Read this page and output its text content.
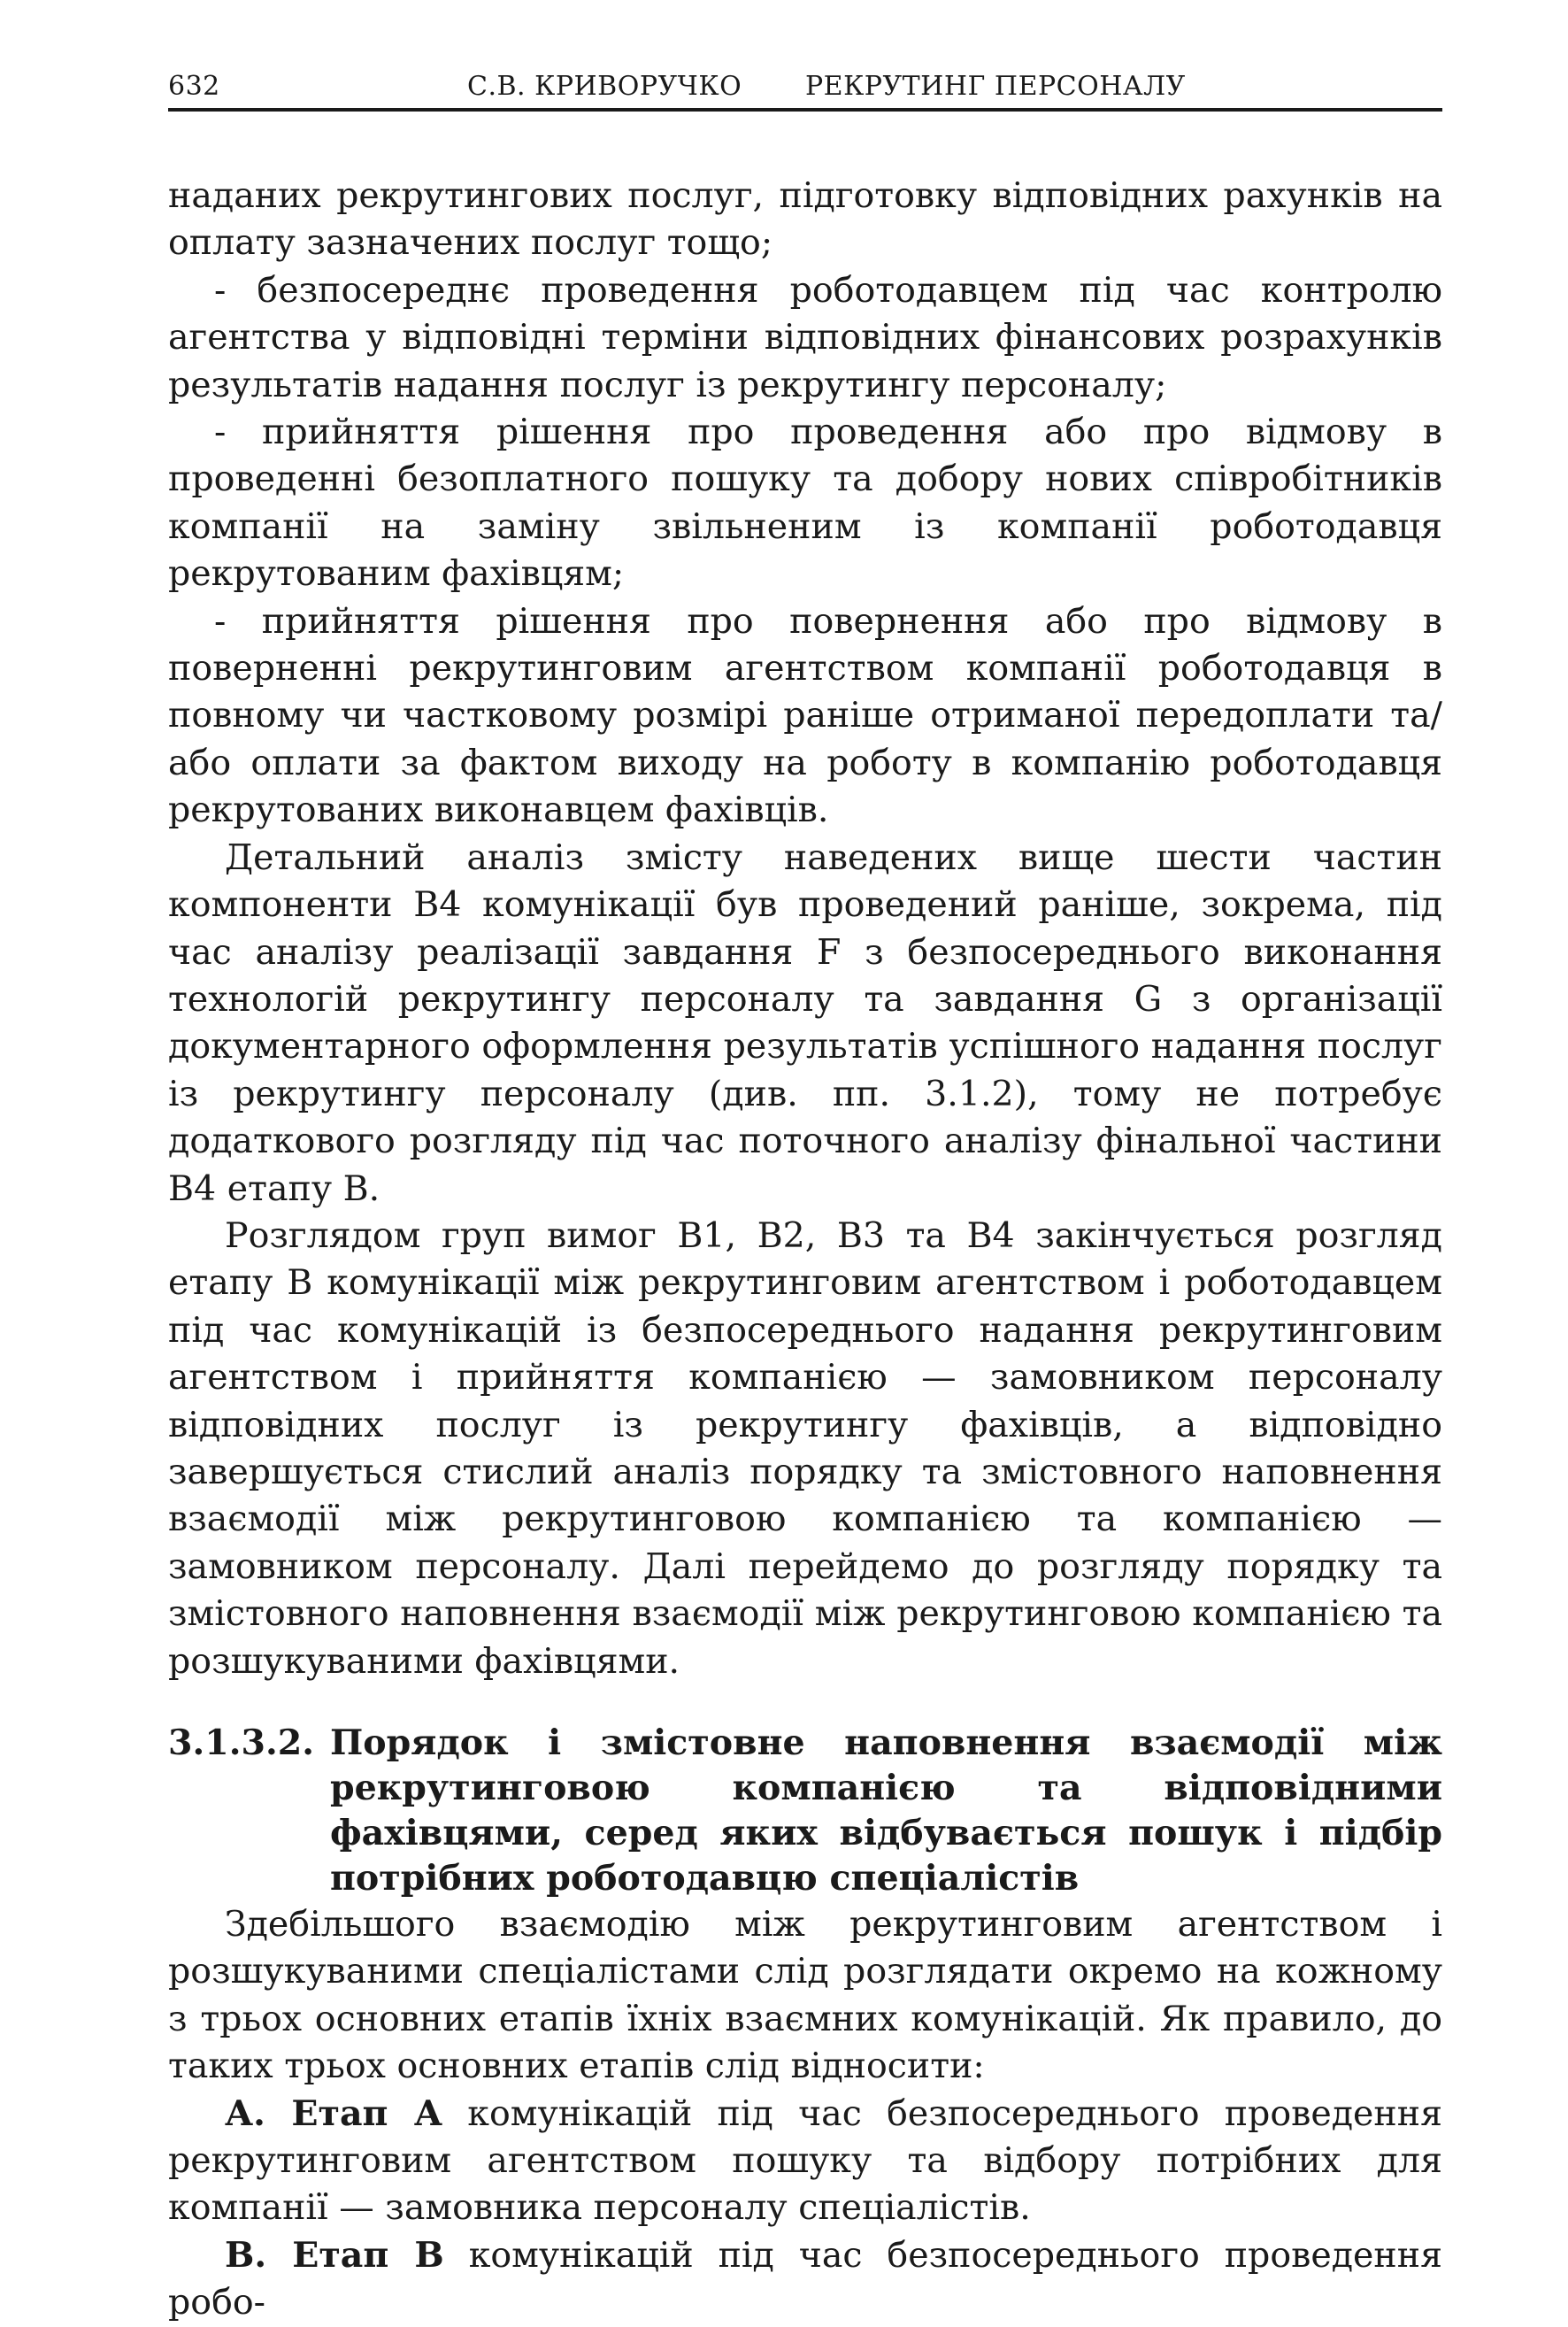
632	С.В. КРИВОРУЧКО РЕКРУТИНГ ПЕРСОНАЛУ

наданих рекрутингових послуг, підготовку відповідних рахунків на оплату зазначених послуг тощо;

- безпосереднє проведення роботодавцем під час контролю агентства у відповідні терміни відповідних фінансових розрахунків результатів надання послуг із рекрутингу персоналу;

- прийняття рішення про проведення або про відмову в проведенні безоплатного пошуку та добору нових співробітників компанії на заміну звільненим із компанії роботодавця рекрутованим фахівцям;

- прийняття рішення про повернення або про відмову в поверненні рекрутинговим агентством компанії роботодавця в повному чи частковому розмірі раніше отриманої передоплати та/або оплати за фактом виходу на роботу в компанію роботодавця рекрутованих виконавцем фахівців.

Детальний аналіз змісту наведених вище шести частин компоненти В4 комунікації був проведений раніше, зокрема, під час аналізу реалізації завдання F з безпосереднього виконання технологій рекрутингу персоналу та завдання G з організації документарного оформлення результатів успішного надання послуг із рекрутингу персоналу (див. пп. 3.1.2), тому не потребує додаткового розгляду під час поточного аналізу фінальної частини В4 етапу В.

Розглядом груп вимог В1, В2, В3 та В4 закінчується розгляд етапу В комунікації між рекрутинговим агентством і роботодавцем під час комунікацій із безпосереднього надання рекрутинговим агентством і прийняття компанією — замовником персоналу відповідних послуг із рекрутингу фахівців, а відповідно завершується стислий аналіз порядку та змістовного наповнення взаємодії між рекрутинговою компанією та компанією — замовником персоналу. Далі перейдемо до розгляду порядку та змістовного наповнення взаємодії між рекрутинговою компанією та розшукуваними фахівцями.

3.1.3.2. Порядок і змістовне наповнення взаємодії між рекрутинговою компанією та відповідними фахівцями, серед яких відбувається пошук і підбір потрібних роботодавцю спеціалістів

Здебільшого взаємодію між рекрутинговим агентством і розшукуваними спеціалістами слід розглядати окремо на кожному з трьох основних етапів їхніх взаємних комунікацій. Як правило, до таких трьох основних етапів слід відносити:

А. Етап А комунікацій під час безпосереднього проведення рекрутинговим агентством пошуку та відбору потрібних для компанії — замовника персоналу спеціалістів.

В. Етап В комунікацій під час безпосереднього проведення робо-
